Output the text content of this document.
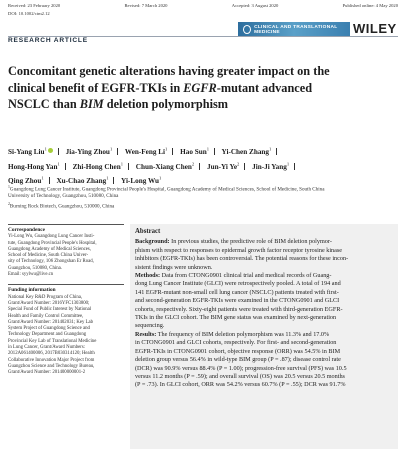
Received: 23 February 2020	Revised: 7 March 2020	Accepted: 3 August 2020	Published online: 4 May 2020
DOI: 10.1002/ctm2.12
CLINICAL AND TRANSLATIONAL MEDICINE	WILEY
RESEARCH ARTICLE
Concomitant genetic alterations having greater impact on the
clinical benefit of EGFR-TKIs in EGFR-mutant advanced
NSCLC than BIM deletion polymorphism
Si-Yang Liu$^1$	Jia-Ying Zhou$^1$ Wen-Feng Li$^1$ Hao Sun$^1$ Yi-Chen Zhang$^1$
Hong-Hong Yan$^1$ Zhi-Hong Chen$^1$ Chun-Xiang Chen$^2$ Jun-Yi Ye$^2$ Jin-Ji Yang$^1$
Qing Zhou$^1$ Xu-Chao Zhang$^1$ Yi-Long Wu$^1$

$^1$Guangdong Lung Cancer Institute, Guangdong Provincial People's Hospital, Guangdong Academy of Medical Sciences, School of Medicine, South China
University of Technology, Guangzhou, 510080, China

$^2$Burning Rock Biotech, Guangzhou, 510000, China

Correspondence
Yi-Long Wu, Guangdong Lung Cancer Insti-
tute, Guangdong Provincial People's Hospital,
Guangdong Academy of Medical Sciences,
School of Medicine, South China Univer-
sity of Technology, 106 Zhongshan Er Road,
Guangzhou, 510080, China.
Email: syylwu@live.cn
Funding information
National Key R&D Program of China,
Grant/Award Number: 2016YFC1303800;
Special Fund of Public Interest by National
Health and Family Control Committee,
Grant/Award Number: 201402031; Key Lab
System Project of Guangdong Science and
Technology Department and Guangdong
Provincial Key Lab of Translational Medicine
in Lung Cancer, Grant/Award Numbers:
2012A061400006, 2017B030314120; Health
Collaborative Innovation Major Project from
Guangzhou Science and Technology Bureau,
Grant/Award Number: 201400000001-2
Abstract
Background: In previous studies, the predictive role of BIM deletion polymor-
phism with respect to responses to epidermal growth factor receptor tyrosine kinase
inhibitors (EGFR-TKIs) has been controversial. The potential reasons for these incon-
sistent findings were unknown.
Methods: Data from CTONG0901 clinical trial and medical records of Guang-
dong Lung Cancer Institute (GLCI) were retrospectively pooled. A total of 194 and
141 EGFR-mutant non-small cell lung cancer (NSCLC) patients treated with first-
and second-generation EGFR-TKIs were examined in the CTONG0901 and GLCI
cohorts, respectively. Sixty-eight patients were treated with third-generation EGFR-
TKIs in the GLCI cohort. The BIM gene status was examined by next-generation
sequencing.
Results: The frequency of BIM deletion polymorphism was 11.3% and 17.0%
in CTONG0901 and GLCI cohorts, respectively. For first- and second-generation
EGFR-TKIs in CTONG0901 cohort, objective response (ORR) was 54.5% in BIM
deletion group versus 56.4% in wild-type BIM group (P = .87); disease control rate
(DCR) was 90.9% versus 88.4% (P = 1.00); progression-free survival (PFS) was 10.5
versus 11.2 months (P = .59); and overall survival (OS) was 20.5 versus 20.5 months
(P = .73). In GLCI cohort, ORR was 54.2% versus 60.7% (P = .55); DCR was 91.7%
